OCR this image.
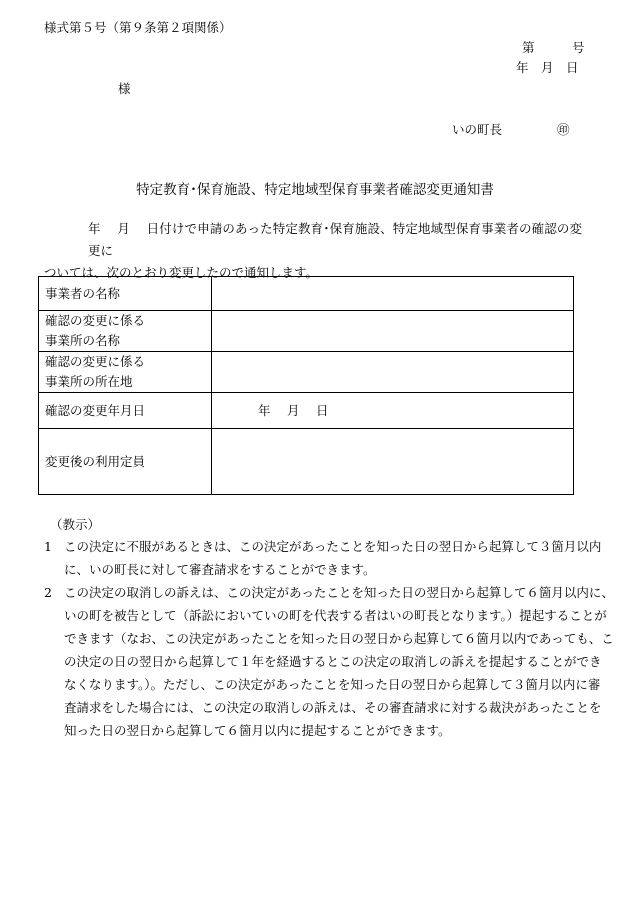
様式第５号（第９条第２項関係）
第　　　号
年　月　日
様
いの町長	㊞
特定教育･保育施設、特定地域型保育事業者確認変更通知書
年　 月　 日付けで申請のあった特定教育･保育施設、特定地域型保育事業者の確認の変更に
ついては、次のとおり変更したので通知します。
事業者の名称	

確認の変更に係る
事業所の名称	

確認の変更に係る
事業所の所在地	

確認の変更年月日	年　 月　 日

変更後の利用定員	

（教示）
1 この決定に不服があるときは、この決定があったことを知った日の翌日から起算して３箇月以内
に、いの町長に対して審査請求をすることができます。
2 この決定の取消しの訴えは、この決定があったことを知った日の翌日から起算して６箇月以内に、
いの町を被告として（訴訟においていの町を代表する者はいの町長となります。）提起することが
できます（なお、この決定があったことを知った日の翌日から起算して６箇月以内であっても、こ
の決定の日の翌日から起算して１年を経過するとこの決定の取消しの訴えを提起することができ
なくなります。）。ただし、この決定があったことを知った日の翌日から起算して３箇月以内に審
査請求をした場合には、この決定の取消しの訴えは、その審査請求に対する裁決があったことを
知った日の翌日から起算して６箇月以内に提起することができます。
